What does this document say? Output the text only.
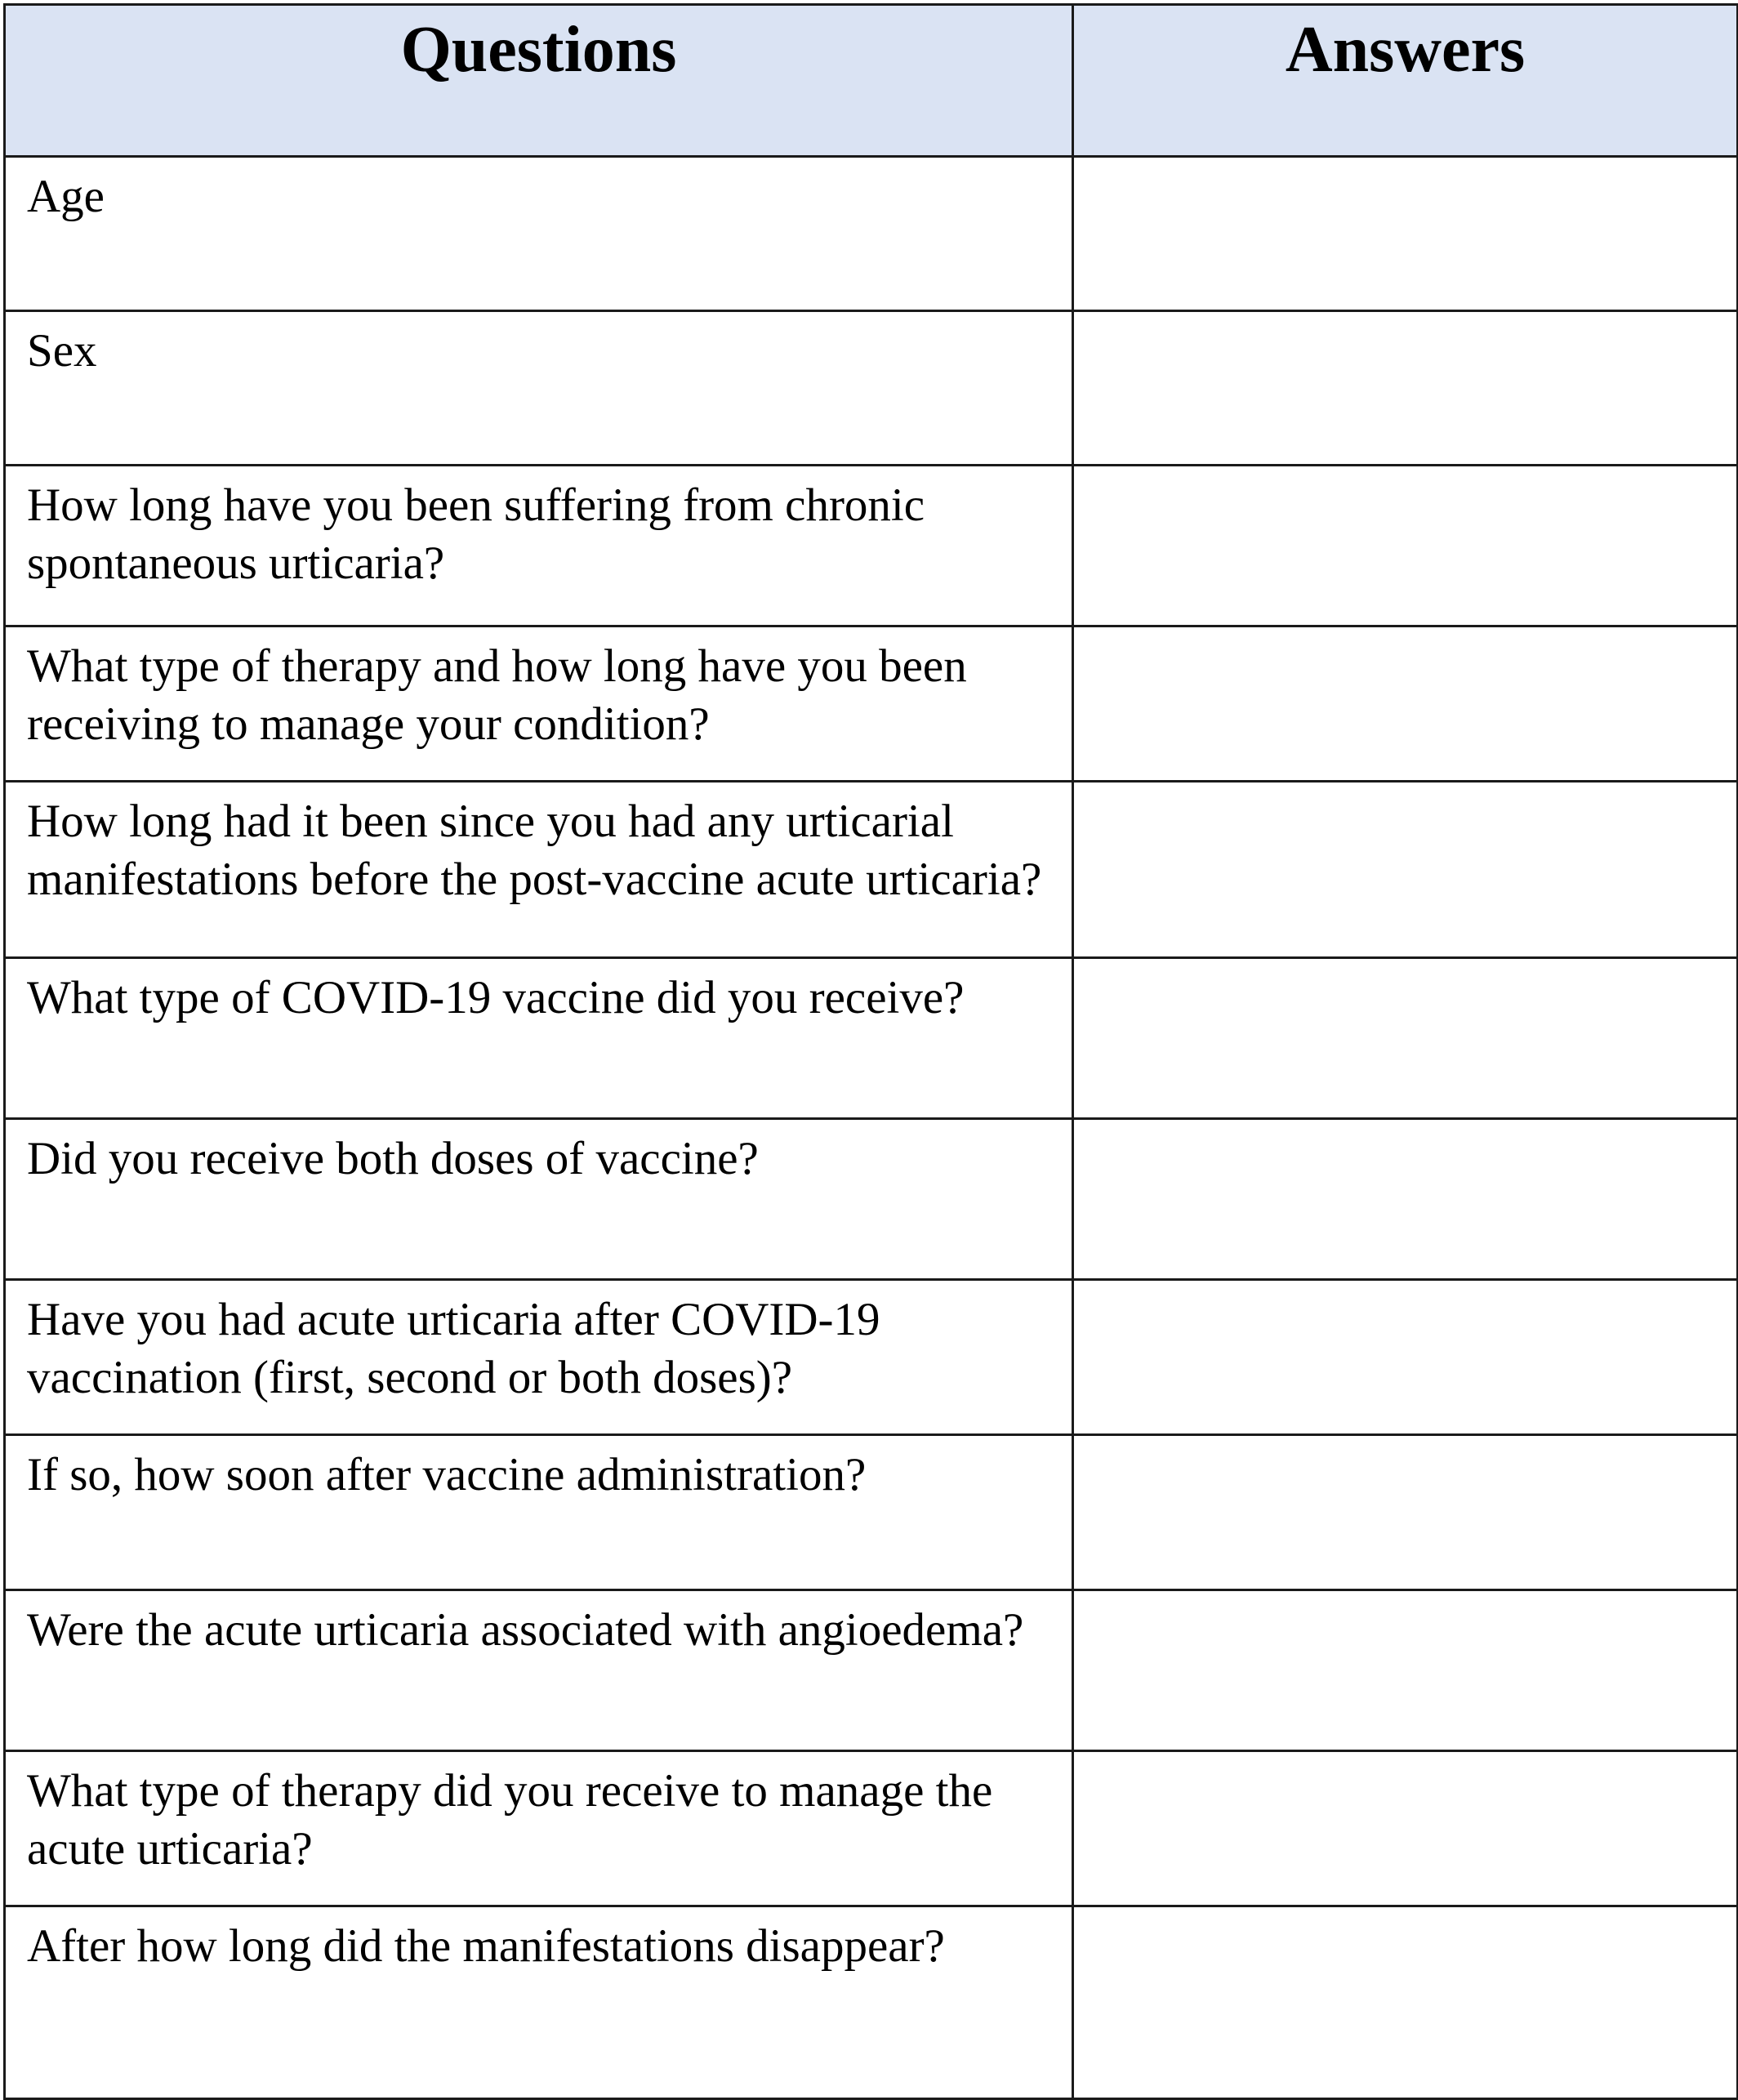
Questions	Answers
Age	
Sex	
How long have you been suffering from chronic spontaneous urticaria?	
What type of therapy and how long have you been receiving to manage your condition?	
How long had it been since you had any urticarial manifestations before the post-vaccine acute urticaria?	
What type of COVID-19 vaccine did you receive?	
Did you receive both doses of vaccine?	
Have you had acute urticaria after COVID-19 vaccination (first, second or both doses)?	
If so, how soon after vaccine administration?	
Were the acute urticaria associated with angioedema?	
What type of therapy did you receive to manage the acute urticaria?	
After how long did the manifestations disappear?	
